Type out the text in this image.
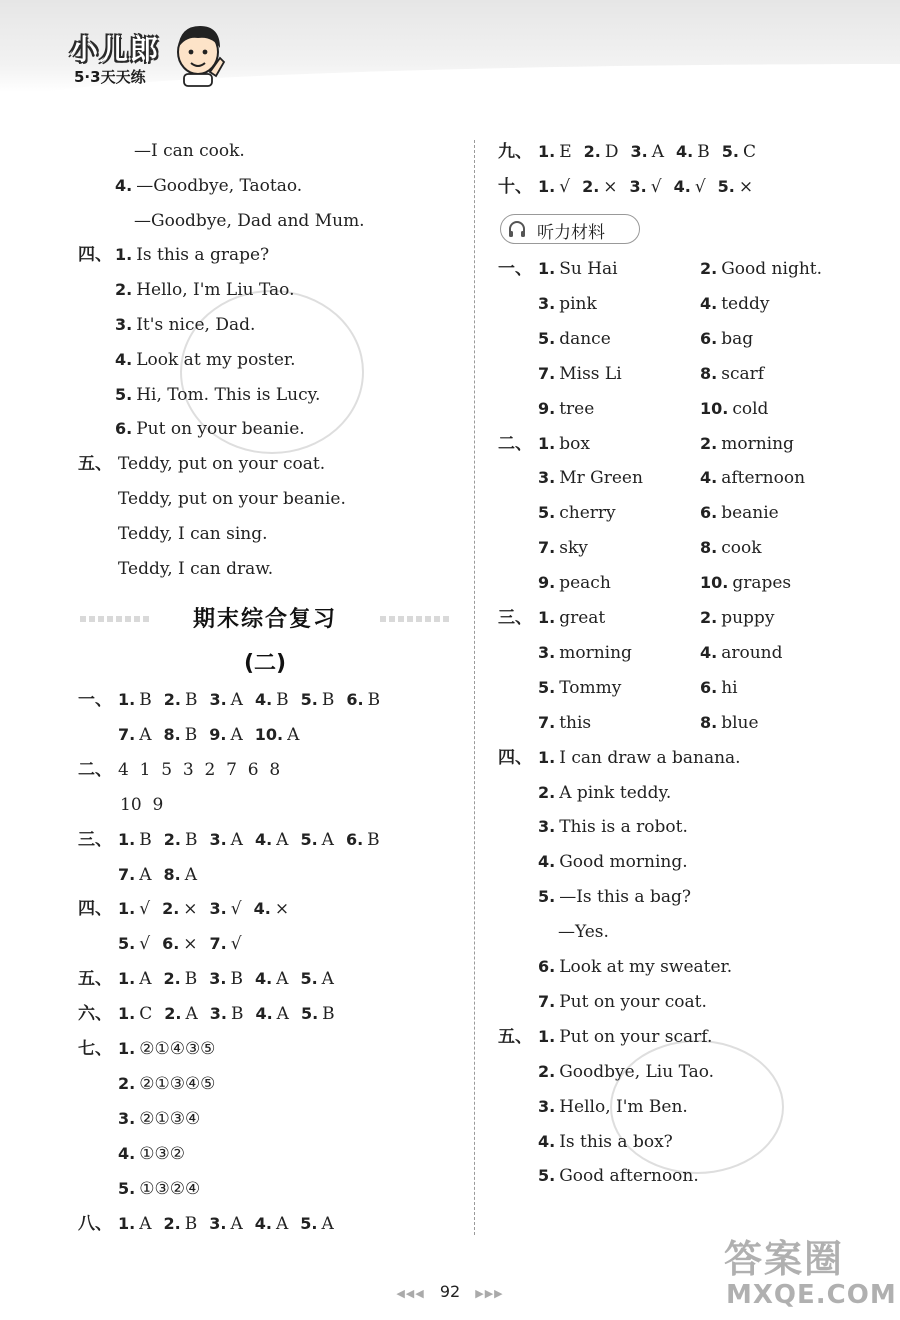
小儿郎
5·3天天练
—I can cook.
4. —Goodbye, Taotao.
—Goodbye, Dad and Mum.
四、 1. Is this a grape?
2. Hello, I'm Liu Tao.
3. It's nice, Dad.
4. Look at my poster.
5. Hi, Tom. This is Lucy.
6. Put on your beanie.
五、 Teddy, put on your coat.
Teddy, put on your beanie.
Teddy, I can sing.
Teddy, I can draw.
期末综合复习
(二)
一、 1. B 2. B 3. A 4. B 5. B 6. B
7. A 8. B 9. A 10. A
二、 4  1  5  3  2  7  6  8
10  9
三、 1. B 2. B 3. A 4. A 5. A 6. B
7. A 8. A
四、 1. √ 2. × 3. √ 4. ×
5. √ 6. × 7. √
五、 1. A 2. B 3. B 4. A 5. A
六、 1. C 2. A 3. B 4. A 5. B
七、 1. ②①④③⑤
2. ②①③④⑤
3. ②①③④
4. ①③②
5. ①③②④
八、 1. A 2. B 3. A 4. A 5. A
九、 1. E 2. D 3. A 4. B 5. C
十、 1. √ 2. × 3. √ 4. √ 5. ×
听力材料
一、 1. Su Hai	2. Good night.
3. pink	4. teddy
5. dance	6. bag
7. Miss Li	8. scarf
9. tree	10. cold
二、 1. box	2. morning
3. Mr Green	4. afternoon
5. cherry	6. beanie
7. sky	8. cook
9. peach	10. grapes
三、 1. great	2. puppy
3. morning	4. around
5. Tommy	6. hi
7. this	8. blue
四、 1. I can draw a banana.
2. A pink teddy.
3. This is a robot.
4. Good morning.
5. —Is this a bag?
—Yes.
6. Look at my sweater.
7. Put on your coat.
五、 1. Put on your scarf.
2. Goodbye, Liu Tao.
3. Hello, I'm Ben.
4. Is this a box?
5. Good afternoon.
◀◀◀ 92 ▶▶▶
答案圈
MXQE.COM
